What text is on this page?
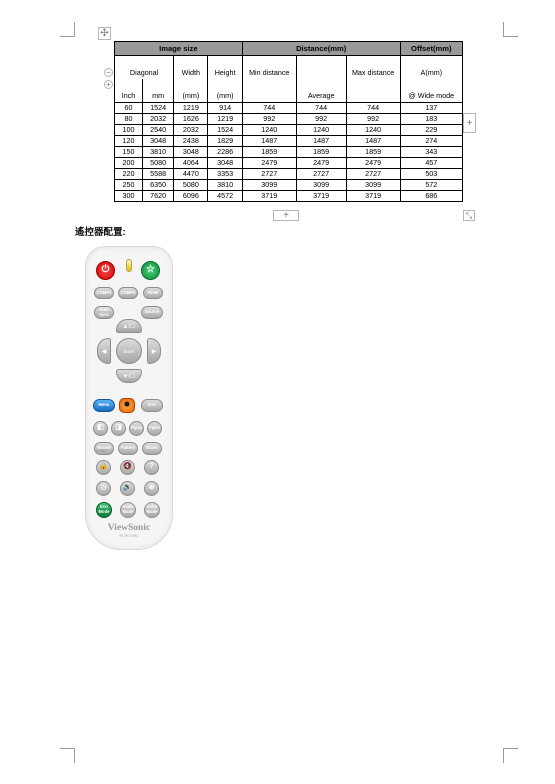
✣
−
+
+
+	⤡
Image size				Distance(mm)			Offset(mm)
Diagonal		Width	Height	Min distance		Max distance	A(mm)
Inch	mm	(mm)	(mm)		Average		@ Wide mode
60	1524	1219	914	744	744	744	137
80	2032	1626	1219	992	992	992	183
100	2540	2032	1524	1240	1240	1240	229
120	3048	2438	1829	1487	1487	1487	274
150	3810	3048	2286	1859	1859	1859	343
200	5080	4064	3048	2479	2479	2479	457
220	5588	4470	3353	2727	2727	2727	503
250	6350	5080	3810	3099	3099	3099	572
300	7620	6096	4572	3719	3719	3719	686
遙控器配置:
⏻	☆
COMP1	COMP2	HDMI
Auto Sync	Source
▲/☐
▼/☐
◀	▶
Enter
Menu	✸	Exit
◧	◨	PgUp	PgDn
Mouse	Pattern	Blank
⏻ SET
🔒	🔇	?
◷	🔉	⊕
Eco Mode
Audio Mode
Color Mode
ViewSonic
RCP070B1
